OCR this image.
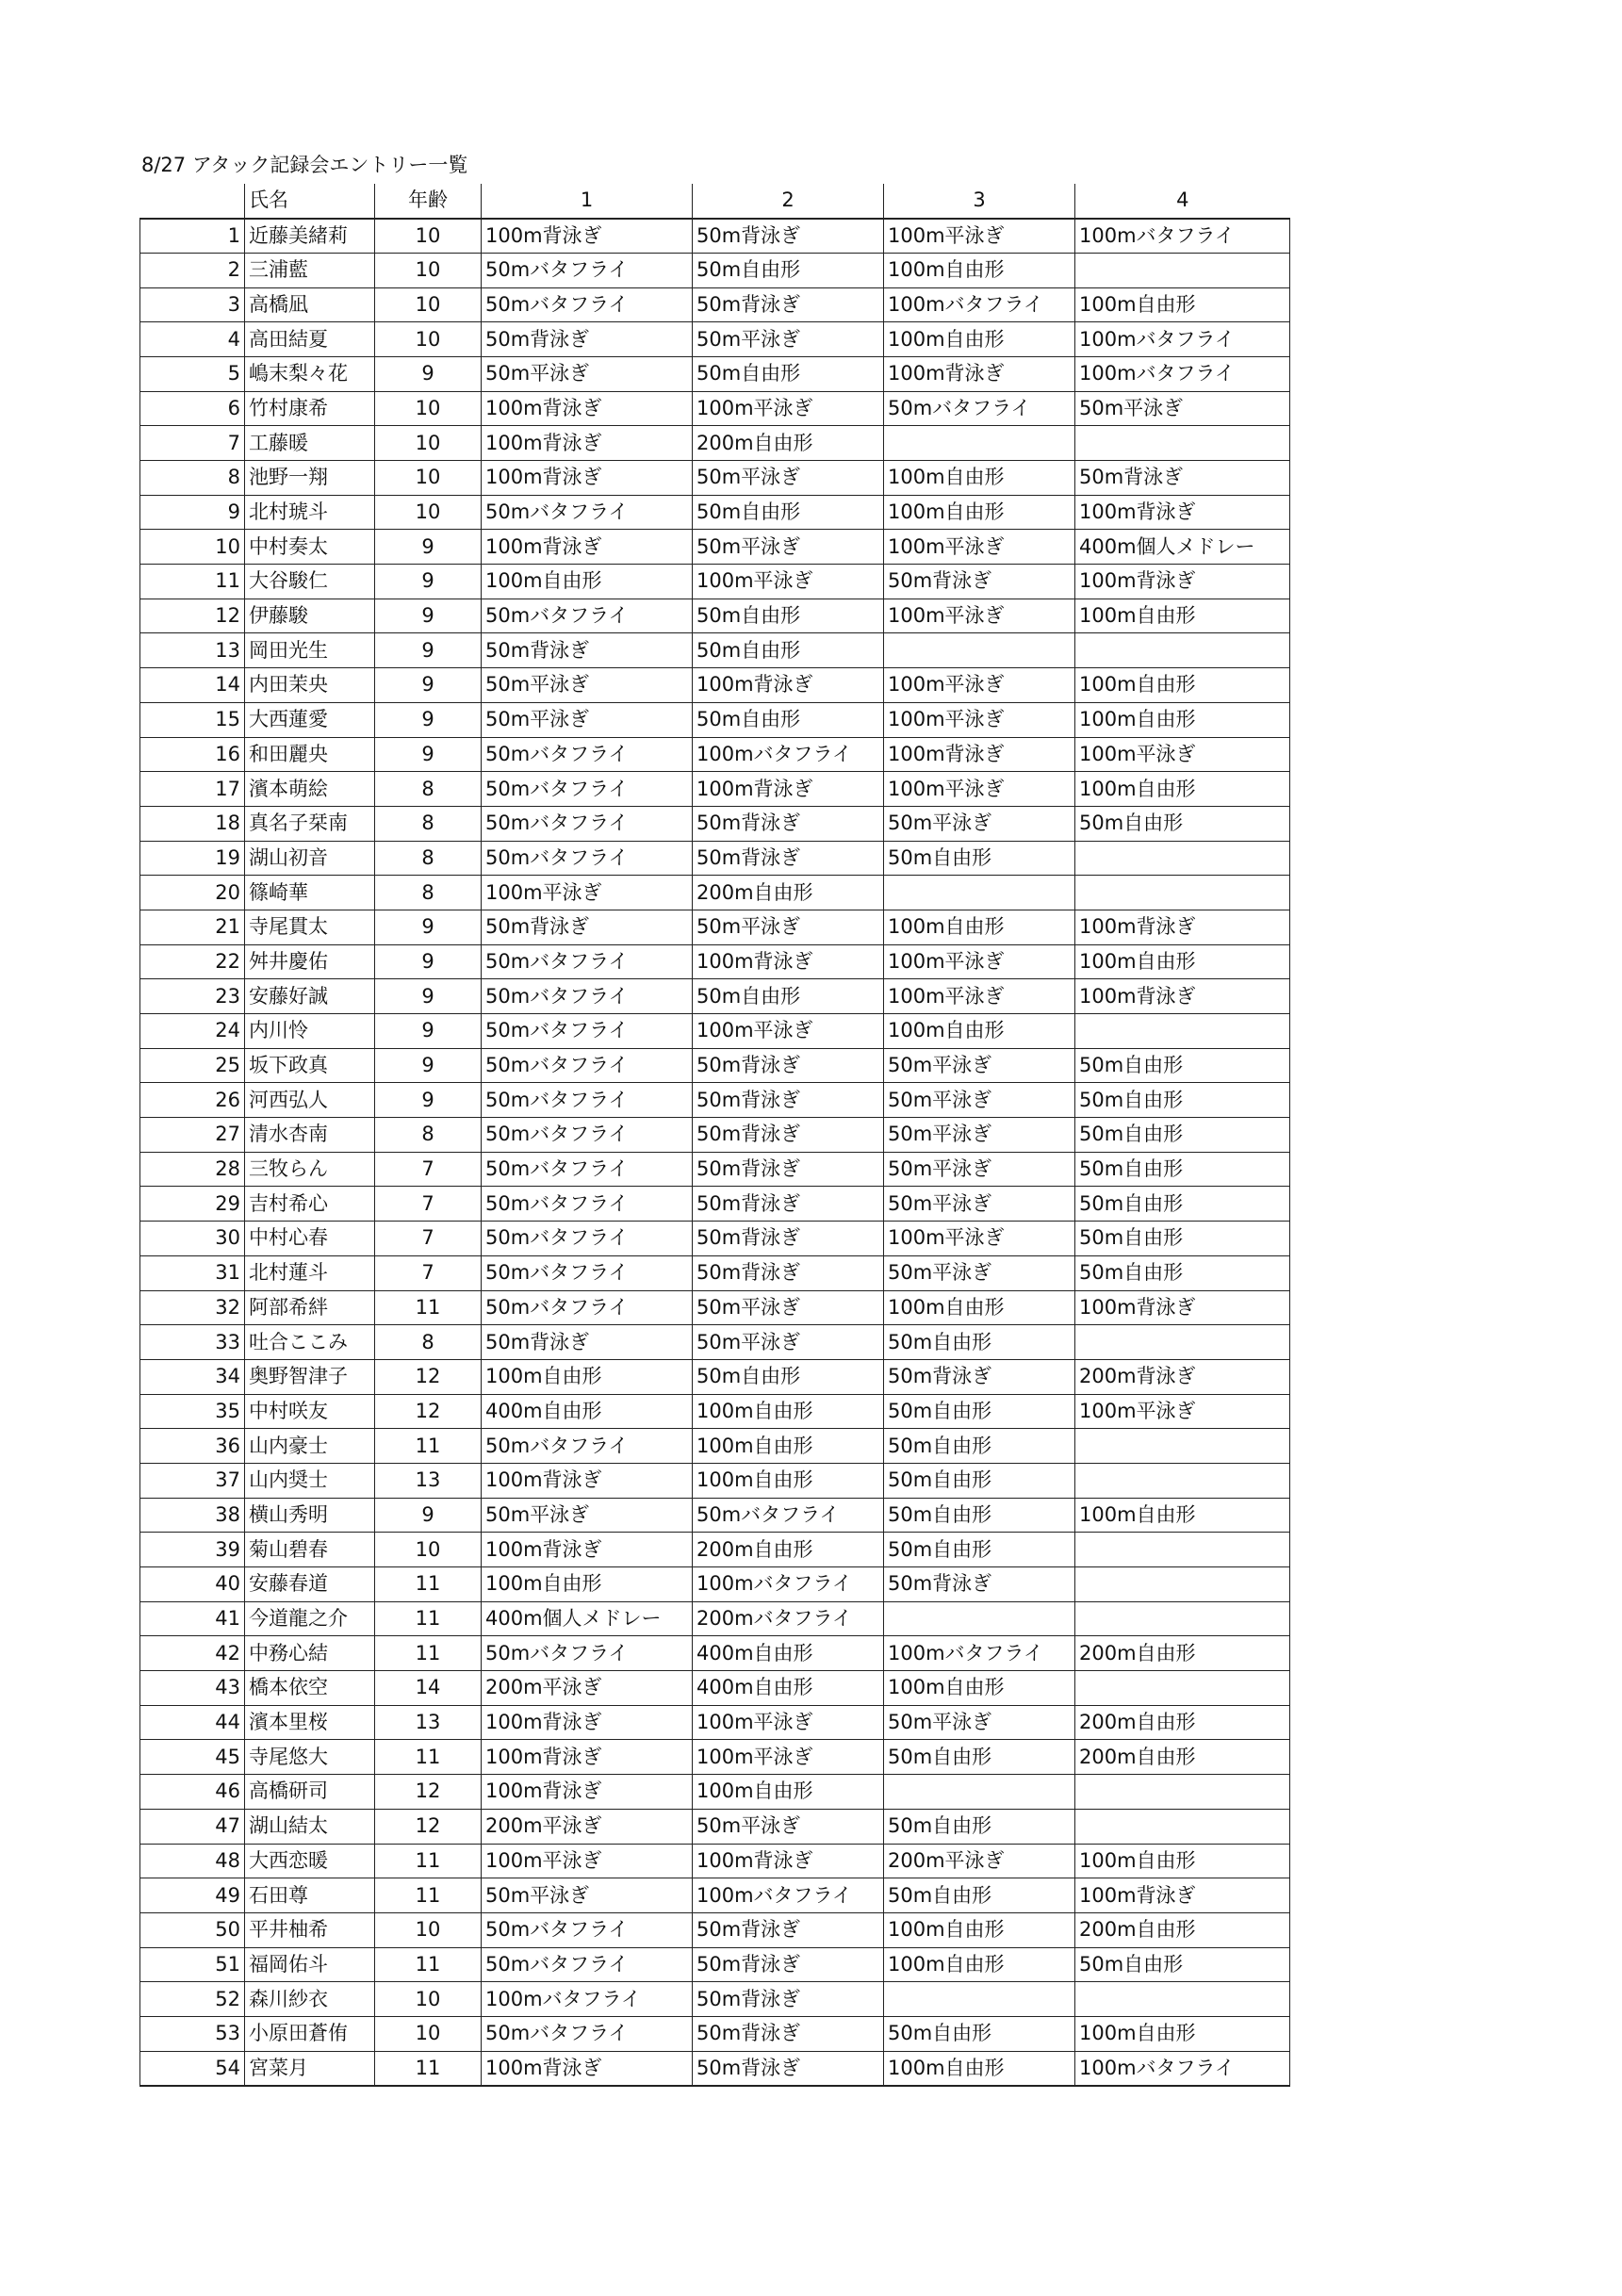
8/27 アタック記録会エントリー一覧
	氏名	年齢	1	2	3	4
1	近藤美緒莉	10	100m背泳ぎ	50m背泳ぎ	100m平泳ぎ	100mバタフライ
2	三浦藍	10	50mバタフライ	50m自由形	100m自由形	
3	高橋凪	10	50mバタフライ	50m背泳ぎ	100mバタフライ	100m自由形
4	高田結夏	10	50m背泳ぎ	50m平泳ぎ	100m自由形	100mバタフライ
5	嶋末梨々花	9	50m平泳ぎ	50m自由形	100m背泳ぎ	100mバタフライ
6	竹村康希	10	100m背泳ぎ	100m平泳ぎ	50mバタフライ	50m平泳ぎ
7	工藤暖	10	100m背泳ぎ	200m自由形		
8	池野一翔	10	100m背泳ぎ	50m平泳ぎ	100m自由形	50m背泳ぎ
9	北村琥斗	10	50mバタフライ	50m自由形	100m自由形	100m背泳ぎ
10	中村奏太	9	100m背泳ぎ	50m平泳ぎ	100m平泳ぎ	400m個人メドレー
11	大谷駿仁	9	100m自由形	100m平泳ぎ	50m背泳ぎ	100m背泳ぎ
12	伊藤駿	9	50mバタフライ	50m自由形	100m平泳ぎ	100m自由形
13	岡田光生	9	50m背泳ぎ	50m自由形		
14	内田茉央	9	50m平泳ぎ	100m背泳ぎ	100m平泳ぎ	100m自由形
15	大西蓮愛	9	50m平泳ぎ	50m自由形	100m平泳ぎ	100m自由形
16	和田麗央	9	50mバタフライ	100mバタフライ	100m背泳ぎ	100m平泳ぎ
17	濱本萌絵	8	50mバタフライ	100m背泳ぎ	100m平泳ぎ	100m自由形
18	真名子栞南	8	50mバタフライ	50m背泳ぎ	50m平泳ぎ	50m自由形
19	湖山初音	8	50mバタフライ	50m背泳ぎ	50m自由形	
20	篠崎華	8	100m平泳ぎ	200m自由形		
21	寺尾貫太	9	50m背泳ぎ	50m平泳ぎ	100m自由形	100m背泳ぎ
22	舛井慶佑	9	50mバタフライ	100m背泳ぎ	100m平泳ぎ	100m自由形
23	安藤好誠	9	50mバタフライ	50m自由形	100m平泳ぎ	100m背泳ぎ
24	内川怜	9	50mバタフライ	100m平泳ぎ	100m自由形	
25	坂下政真	9	50mバタフライ	50m背泳ぎ	50m平泳ぎ	50m自由形
26	河西弘人	9	50mバタフライ	50m背泳ぎ	50m平泳ぎ	50m自由形
27	清水杏南	8	50mバタフライ	50m背泳ぎ	50m平泳ぎ	50m自由形
28	三牧らん	7	50mバタフライ	50m背泳ぎ	50m平泳ぎ	50m自由形
29	吉村希心	7	50mバタフライ	50m背泳ぎ	50m平泳ぎ	50m自由形
30	中村心春	7	50mバタフライ	50m背泳ぎ	100m平泳ぎ	50m自由形
31	北村蓮斗	7	50mバタフライ	50m背泳ぎ	50m平泳ぎ	50m自由形
32	阿部希絆	11	50mバタフライ	50m平泳ぎ	100m自由形	100m背泳ぎ
33	吐合ここみ	8	50m背泳ぎ	50m平泳ぎ	50m自由形	
34	奥野智津子	12	100m自由形	50m自由形	50m背泳ぎ	200m背泳ぎ
35	中村咲友	12	400m自由形	100m自由形	50m自由形	100m平泳ぎ
36	山内豪士	11	50mバタフライ	100m自由形	50m自由形	
37	山内奨士	13	100m背泳ぎ	100m自由形	50m自由形	
38	横山秀明	9	50m平泳ぎ	50mバタフライ	50m自由形	100m自由形
39	菊山碧春	10	100m背泳ぎ	200m自由形	50m自由形	
40	安藤春道	11	100m自由形	100mバタフライ	50m背泳ぎ	
41	今道龍之介	11	400m個人メドレー	200mバタフライ		
42	中務心結	11	50mバタフライ	400m自由形	100mバタフライ	200m自由形
43	橋本依空	14	200m平泳ぎ	400m自由形	100m自由形	
44	濱本里桜	13	100m背泳ぎ	100m平泳ぎ	50m平泳ぎ	200m自由形
45	寺尾悠大	11	100m背泳ぎ	100m平泳ぎ	50m自由形	200m自由形
46	高橋研司	12	100m背泳ぎ	100m自由形		
47	湖山結太	12	200m平泳ぎ	50m平泳ぎ	50m自由形	
48	大西恋暖	11	100m平泳ぎ	100m背泳ぎ	200m平泳ぎ	100m自由形
49	石田尊	11	50m平泳ぎ	100mバタフライ	50m自由形	100m背泳ぎ
50	平井柚希	10	50mバタフライ	50m背泳ぎ	100m自由形	200m自由形
51	福岡佑斗	11	50mバタフライ	50m背泳ぎ	100m自由形	50m自由形
52	森川紗衣	10	100mバタフライ	50m背泳ぎ		
53	小原田蒼侑	10	50mバタフライ	50m背泳ぎ	50m自由形	100m自由形
54	宮菜月	11	100m背泳ぎ	50m背泳ぎ	100m自由形	100mバタフライ
